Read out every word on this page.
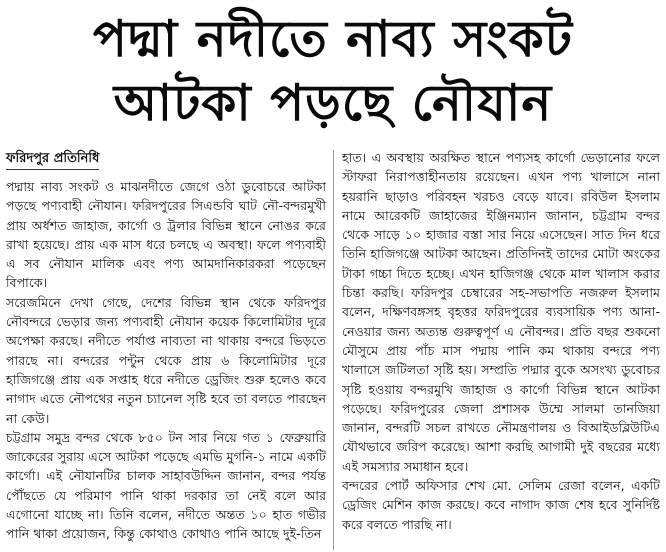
পদ্মা নদীতে নাব্য সংকট
আটকা পড়ছে নৌযান
ফরিদপুর প্রতিনিধি

পদ্মায় নাব্য সংকট ও মাঝনদীতে জেগে ওঠা ডুবোচরে আটকা পড়ছে পণ্যবাহী নৌযান। ফরিদপুরের সিএন্ডবি ঘাট নৌ-বন্দরমুখী প্রায় অর্ধশত জাহাজ, কার্গো ও ট্রলার বিভিন্ন স্থানে নোঙর করে রাখা হয়েছে। প্রায় এক মাস ধরে চলছে এ অবস্থা। ফলে পণ্যবাহী এ সব নৌযান মালিক এবং পণ্য আমদানিকারকরা পড়েছেন বিপাকে।

সরেজমিনে দেখা গেছে, দেশের বিভিন্ন স্থান থেকে ফরিদপুর নৌবন্দরে ভেড়ার জন্য পণ্যবাহী নৌযান কয়েক কিলোমিটার দূরে অপেক্ষা করছে। নদীতে পর্যাপ্ত নাব্যতা না থাকায় বন্দরে ভিড়তে পারছে না। বন্দরের পন্টুন থেকে প্রায় ৬ কিলোমিটার দূরে হাজিগঞ্জে প্রায় এক সপ্তাহ ধরে নদীতে ড্রেজিং শুরু হলেও কবে নাগাদ এতে নৌপথের নতুন চ্যানেল সৃষ্টি হবে তা বলতে পারছেন না কেউ।

চট্টগ্রাম সমুদ্র বন্দর থেকে ৮৫০ টন সার নিয়ে গত ১ ফেব্রুয়ারি জাকেরের সুরায় এসে আটকা পড়েছে এমভি মুগনি-১ নামে একটি কার্গো। এই নৌযানটির চালক সাহাবউদ্দিন জানান, বন্দর পর্যন্ত পৌঁছতে যে পরিমাণ পানি থাকা দরকার তা নেই বলে আর এগোনো যাচ্ছে না। তিনি বলেন, নদীতে অন্তত ১০ হাত গভীর পানি থাকা প্রয়োজন, কিন্তু কোথাও কোথাও পানি আছে দুই-তিন

হাত। এ অবস্থায় অরক্ষিত স্থানে পণ্যসহ কার্গো ভেড়ানোর ফলে স্টাফরা নিরাপত্তাহীনতায় রয়েছেন। এখন পণ্য খালাসে নানা হয়রানি ছাড়াও পরিবহন খরচও বেড়ে যাবে। রবিউল ইসলাম নামে আরেকটি জাহাজের ইঞ্জিনম্যান জানান, চট্টগ্রাম বন্দর থেকে সাড়ে ১০ হাজার বস্তা সার নিয়ে এসেছেন। সাত দিন ধরে তিনি হাজিগঞ্জে আটকা আছেন। প্রতিদিনই তাদের মোটা অংকের টাকা গচ্চা দিতে হচ্ছে। এখন হাজিগঞ্জ থেকে মাল খালাস করার চিন্তা করছি। ফরিদপুর চেম্বারের সহ-সভাপতি নজরুল ইসলাম বলেন, দক্ষিণবঙ্গসহ বৃহত্তর ফরিদপুরের ব্যবসায়িক পণ্য আনা-নেওয়ার জন্য অত্যন্ত গুরুত্বপূর্ণ এ নৌবন্দর। প্রতি বছর শুকনো মৌসুমে প্রায় পাঁচ মাস পদ্মায় পানি কম থাকায় বন্দরে পণ্য খালাসে জটিলতা সৃষ্টি হয়। সম্প্রতি পদ্মার বুকে অসংখ্য ডুবোচর সৃষ্টি হওয়ায় বন্দরমুখি জাহাজ ও কার্গো বিভিন্ন স্থানে আটকা পড়েছে। ফরিদপুরের জেলা প্রশাসক উম্মে সালমা তানজিয়া জানান, বন্দরটি সচল রাখতে নৌমন্ত্রণালয় ও বিআইডব্লিউটিএ যৌথভাবে জরিপ করেছে। আশা করছি আগামী দুই বছরের মধ্যে এই সমস্যার সমাধান হবে।

বন্দরের পোর্ট অফিসার শেখ মো. সেলিম রেজা বলেন, একটি ড্রেজিং মেশিন কাজ করছে। কবে নাগাদ কাজ শেষ হবে সুনির্দিষ্ট করে বলতে পারছি না।
